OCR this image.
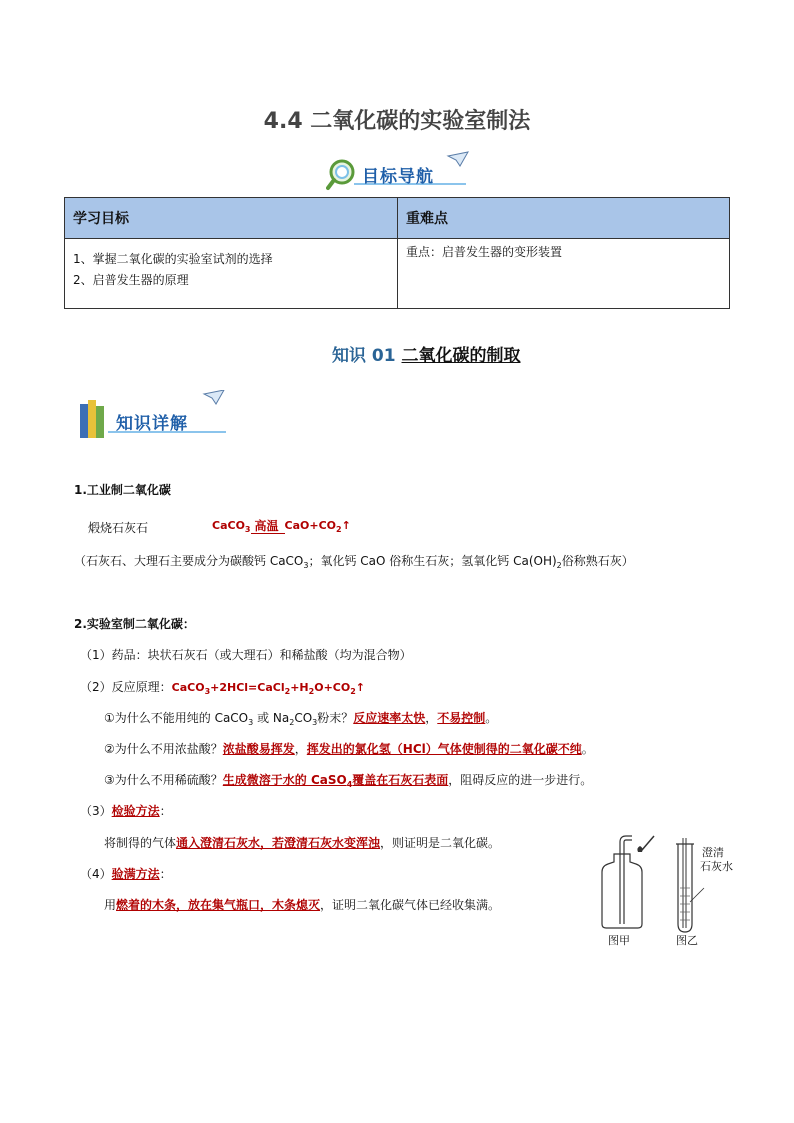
4.4 二氧化碳的实验室制法
目标导航
学习目标	重难点

1、掌握二氧化碳的实验室试剂的选择
2、启普发生器的原理	重点：启普发生器的变形装置
知识 01 二氧化碳的制取
知识详解
1.工业制二氧化碳
煅烧石灰石	CaCO$_3$ 高温 $CaO+CO_2↑$
（石灰石、大理石主要成分为碳酸钙 CaCO$_3$；氧化钙 CaO 俗称生石灰；氢氧化钙 $Ca(OH)_2$俗称熟石灰）
2.实验室制二氧化碳：
（1）药品：块状石灰石（或大理石）和稀盐酸（均为混合物）
（2）反应原理：$CaCO_3+2HCl=CaCl_2+H_2O+CO_2↑$
①为什么不能用纯的 CaCO$_3$ 或 $Na_2CO_3$粉末？反应速率太快，不易控制。
②为什么不用浓盐酸？浓盐酸易挥发，挥发出的氯化氢（HCl）气体使制得的二氧化碳不纯。
③为什么不用稀硫酸？生成微溶于水的 CaSO$_4$覆盖在石灰石表面，阻碍反应的进一步进行。
（3）检验方法：
将制得的气体通入澄清石灰水，若澄清石灰水变浑浊，则证明是二氧化碳。
（4）验满方法：
用燃着的木条，放在集气瓶口，木条熄灭，证明二氧化碳气体已经收集满。
澄清
石灰水
图甲	图乙
